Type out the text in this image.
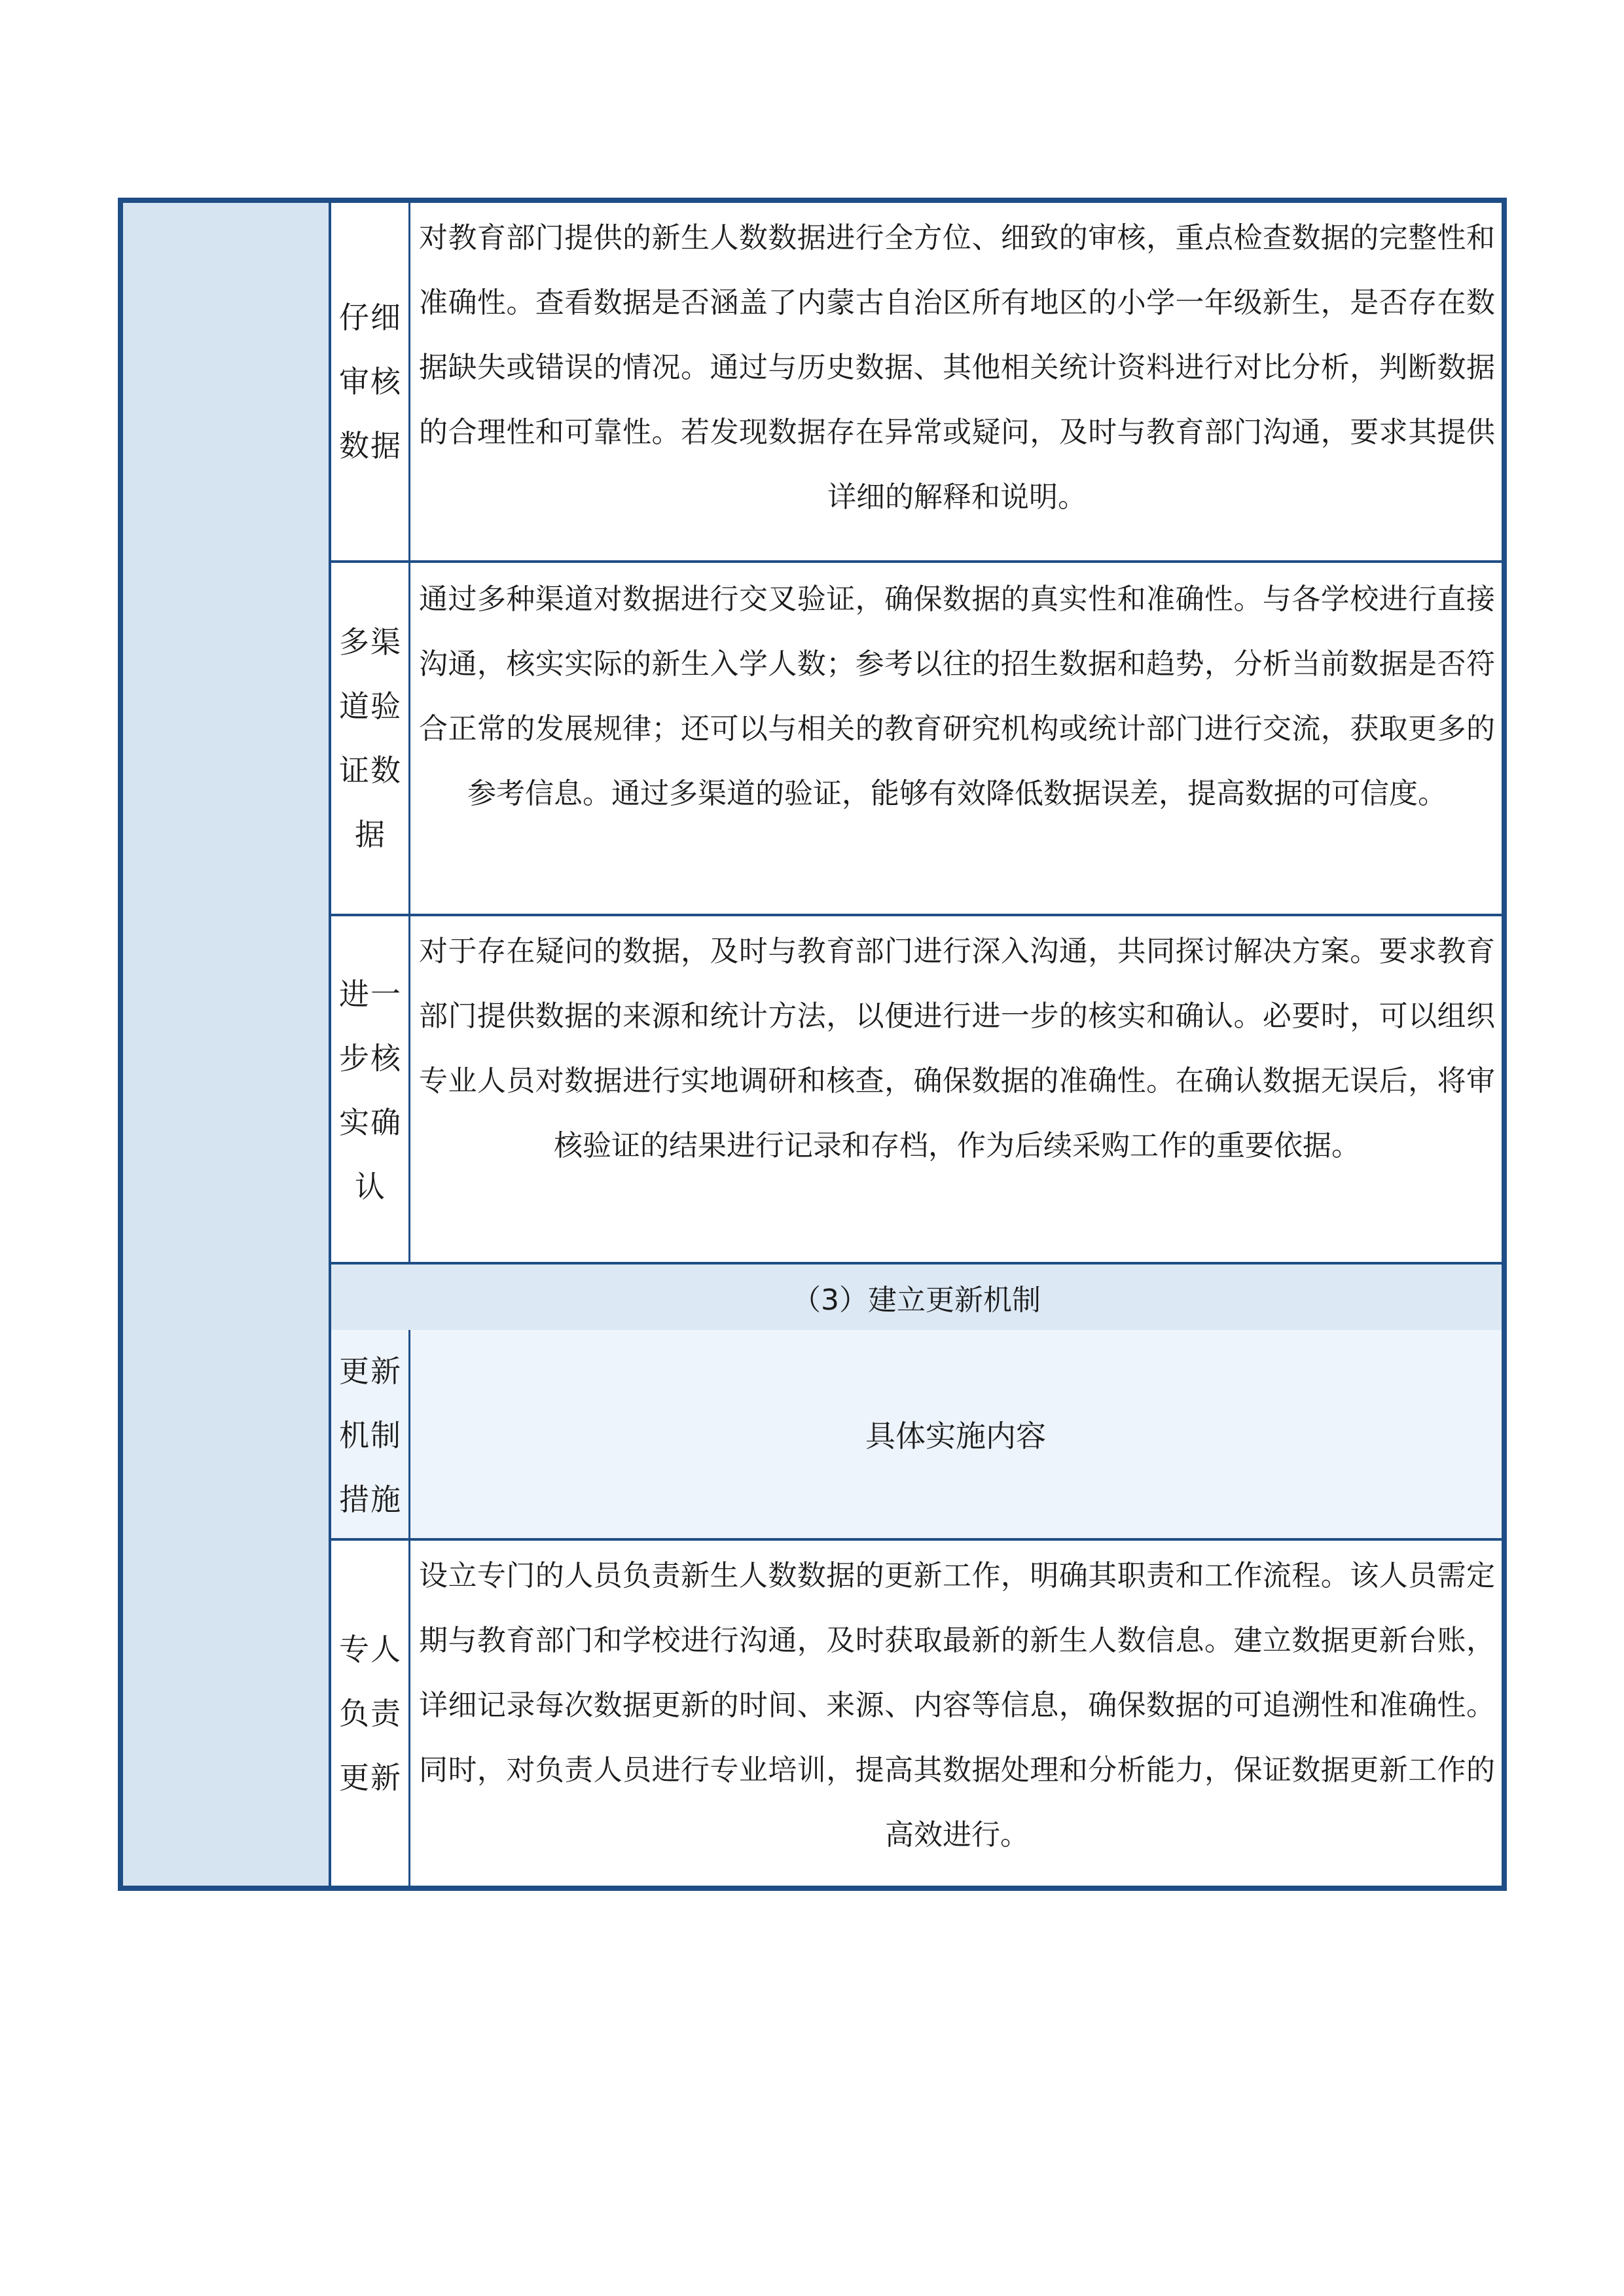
仔细审核数据
对教育部门提供的新生人数数据进行全方位、细致的审核，重点检查数据的完整性和准确性。查看数据是否涵盖了内蒙古自治区所有地区的小学一年级新生，是否存在数据缺失或错误的情况。通过与历史数据、其他相关统计资料进行对比分析，判断数据的合理性和可靠性。若发现数据存在异常或疑问，及时与教育部门沟通，要求其提供详细的解释和说明。
多渠道验证数据
通过多种渠道对数据进行交叉验证，确保数据的真实性和准确性。与各学校进行直接沟通，核实实际的新生入学人数；参考以往的招生数据和趋势，分析当前数据是否符合正常的发展规律；还可以与相关的教育研究机构或统计部门进行交流，获取更多的参考信息。通过多渠道的验证，能够有效降低数据误差，提高数据的可信度。
进一步核实确认
对于存在疑问的数据，及时与教育部门进行深入沟通，共同探讨解决方案。要求教育部门提供数据的来源和统计方法，以便进行进一步的核实和确认。必要时，可以组织专业人员对数据进行实地调研和核查，确保数据的准确性。在确认数据无误后，将审核验证的结果进行记录和存档，作为后续采购工作的重要依据。
（3）建立更新机制
更新机制措施
具体实施内容
专人负责更新
设立专门的人员负责新生人数数据的更新工作，明确其职责和工作流程。该人员需定期与教育部门和学校进行沟通，及时获取最新的新生人数信息。建立数据更新台账，详细记录每次数据更新的时间、来源、内容等信息，确保数据的可追溯性和准确性。同时，对负责人员进行专业培训，提高其数据处理和分析能力，保证数据更新工作的高效进行。
